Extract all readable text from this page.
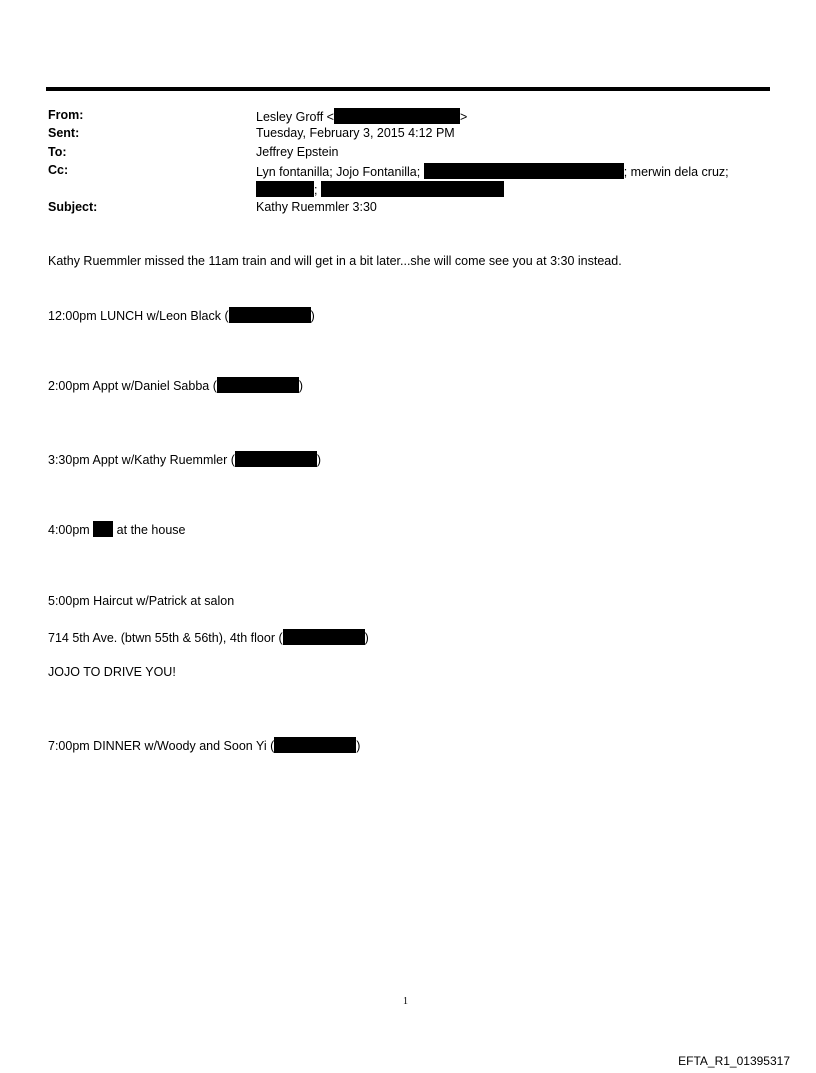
From:	Lesley Groff <	>
Sent:	Tuesday, February 3, 2015 4:12 PM
To:	Jeffrey Epstein
Cc:	Lyn fontanilla; Jojo Fontanilla;	; merwin dela cruz;
;
Subject:	Kathy Ruemmler 3:30
Kathy Ruemmler missed the 11am train and will get in a bit later...she will come see you at 3:30 instead.
12:00pm LUNCH w/Leon Black (	)
2:00pm Appt w/Daniel Sabba (	)
3:30pm Appt w/Kathy Ruemmler (	)
4:00pm at the house
5:00pm Haircut w/Patrick at salon
714 5th Ave. (btwn 55th & 56th), 4th floor (	)
JOJO TO DRIVE YOU!
7:00pm DINNER w/Woody and Soon Yi (	)
1
EFTA_R1_01395317
